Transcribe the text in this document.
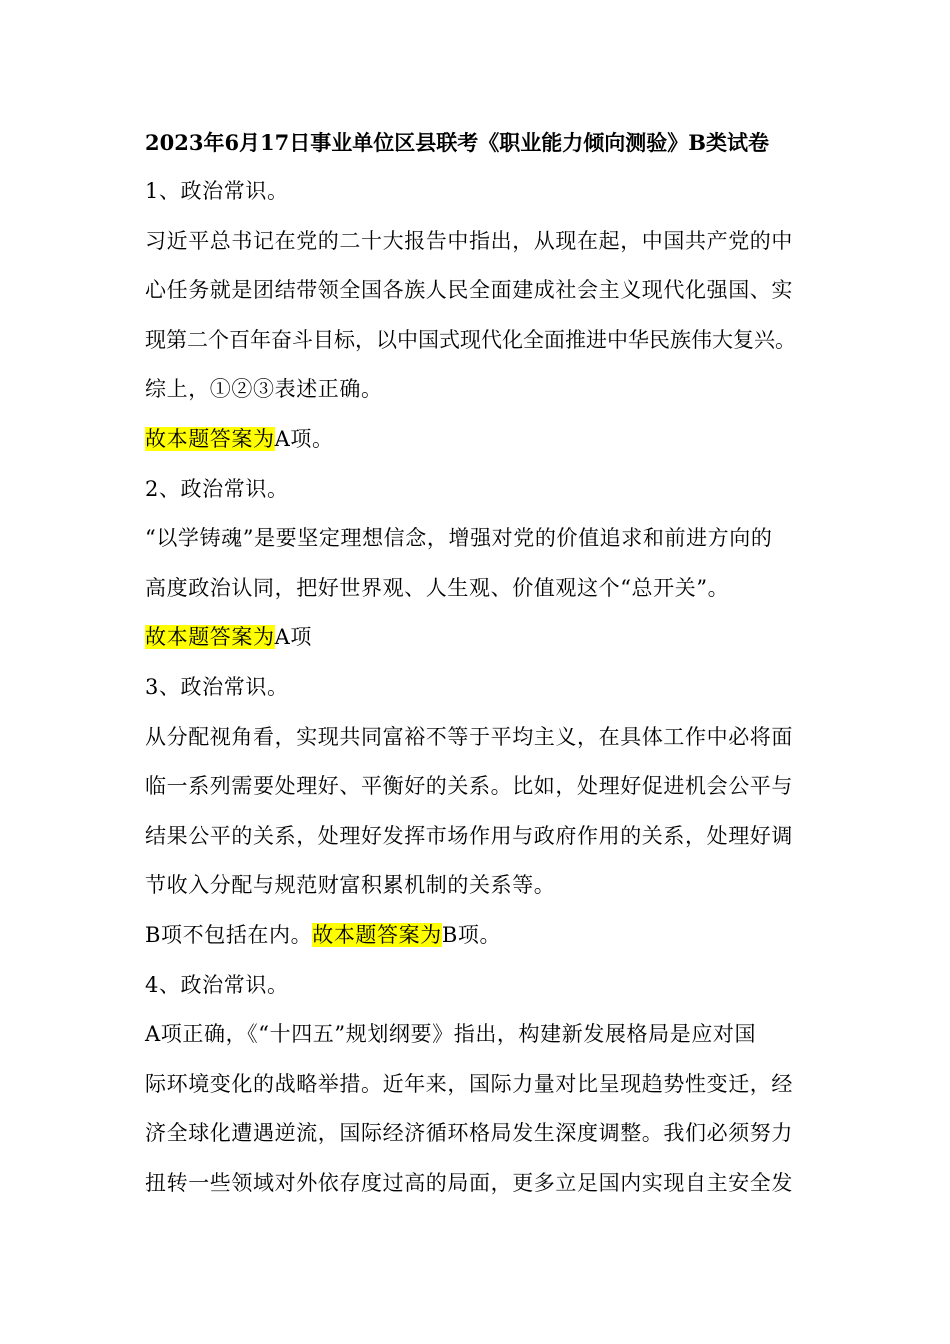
2023年6月17日事业单位区县联考《职业能力倾向测验》B类试卷
1、政治常识。
习近平总书记在党的二十大报告中指出，从现在起，中国共产党的中
心任务就是团结带领全国各族人民全面建成社会主义现代化强国、实
现第二个百年奋斗目标，以中国式现代化全面推进中华民族伟大复兴。
综上，①②③表述正确。
故本题答案为A项。
2、政治常识。
“以学铸魂”是要坚定理想信念，增强对党的价值追求和前进方向的
高度政治认同，把好世界观、人生观、价值观这个“总开关”。
故本题答案为A项
3、政治常识。
从分配视角看，实现共同富裕不等于平均主义，在具体工作中必将面
临一系列需要处理好、平衡好的关系。比如，处理好促进机会公平与
结果公平的关系，处理好发挥市场作用与政府作用的关系，处理好调
节收入分配与规范财富积累机制的关系等。
B项不包括在内。故本题答案为B项。
4、政治常识。
A项正确，《“十四五”规划纲要》指出，构建新发展格局是应对国
际环境变化的战略举措。近年来，国际力量对比呈现趋势性变迁，经
济全球化遭遇逆流，国际经济循环格局发生深度调整。我们必须努力
扭转一些领域对外依存度过高的局面，更多立足国内实现自主安全发
